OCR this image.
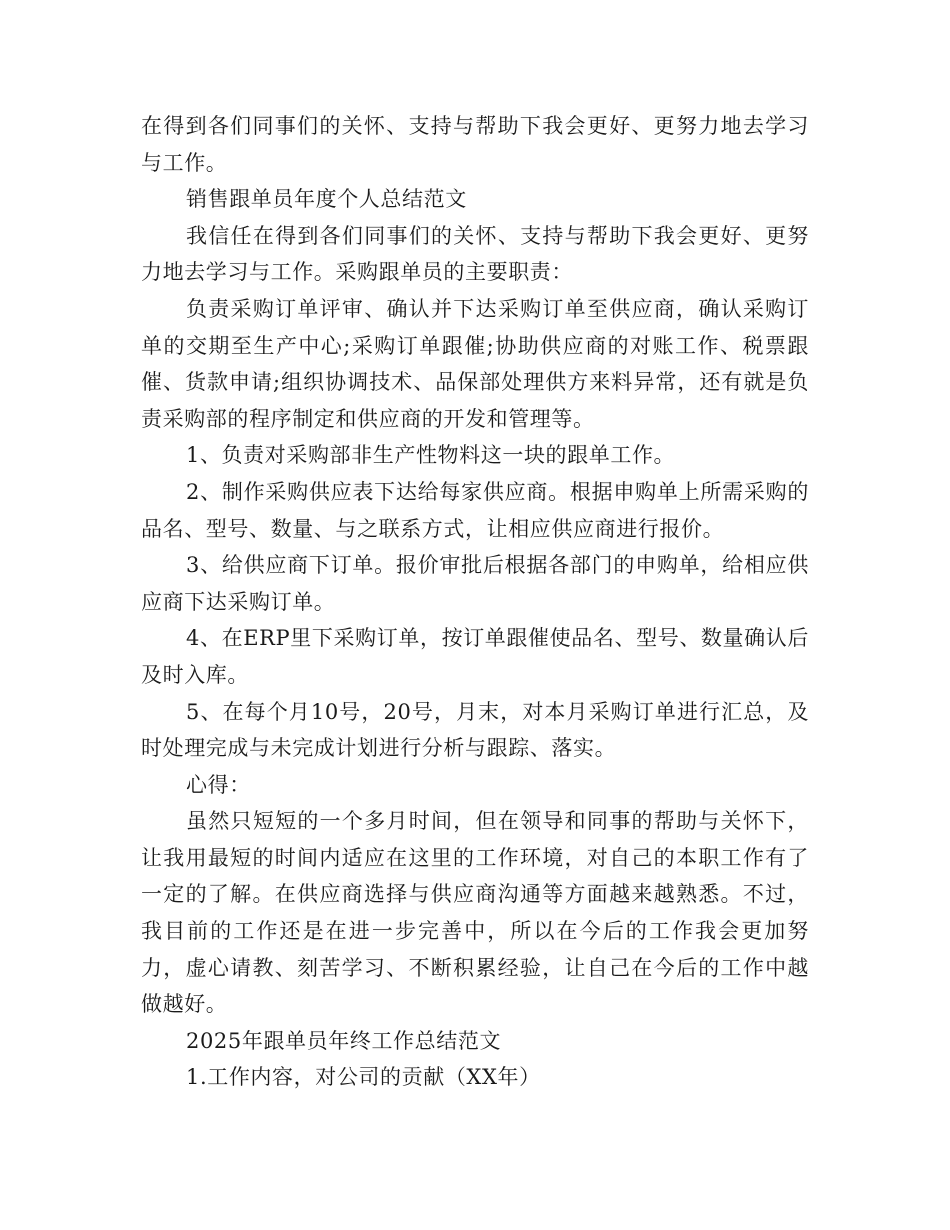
在得到各们同事们的关怀、支持与帮助下我会更好、更努力地去学习与工作。

销售跟单员年度个人总结范文

我信任在得到各们同事们的关怀、支持与帮助下我会更好、更努力地去学习与工作。采购跟单员的主要职责：

负责采购订单评审、确认并下达采购订单至供应商，确认采购订单的交期至生产中心;采购订单跟催;协助供应商的对账工作、税票跟催、货款申请;组织协调技术、品保部处理供方来料异常，还有就是负责采购部的程序制定和供应商的开发和管理等。

1、负责对采购部非生产性物料这一块的跟单工作。

2、制作采购供应表下达给每家供应商。根据申购单上所需采购的品名、型号、数量、与之联系方式，让相应供应商进行报价。

3、给供应商下订单。报价审批后根据各部门的申购单，给相应供应商下达采购订单。

4、在ERP里下采购订单，按订单跟催使品名、型号、数量确认后及时入库。

5、在每个月10号，20号，月末，对本月采购订单进行汇总，及时处理完成与未完成计划进行分析与跟踪、落实。

心得：

虽然只短短的一个多月时间，但在领导和同事的帮助与关怀下，让我用最短的时间内适应在这里的工作环境，对自己的本职工作有了一定的了解。在供应商选择与供应商沟通等方面越来越熟悉。不过，我目前的工作还是在进一步完善中，所以在今后的工作我会更加努力，虚心请教、刻苦学习、不断积累经验，让自己在今后的工作中越做越好。

2025年跟单员年终工作总结范文

1.工作内容，对公司的贡献（XX年）
